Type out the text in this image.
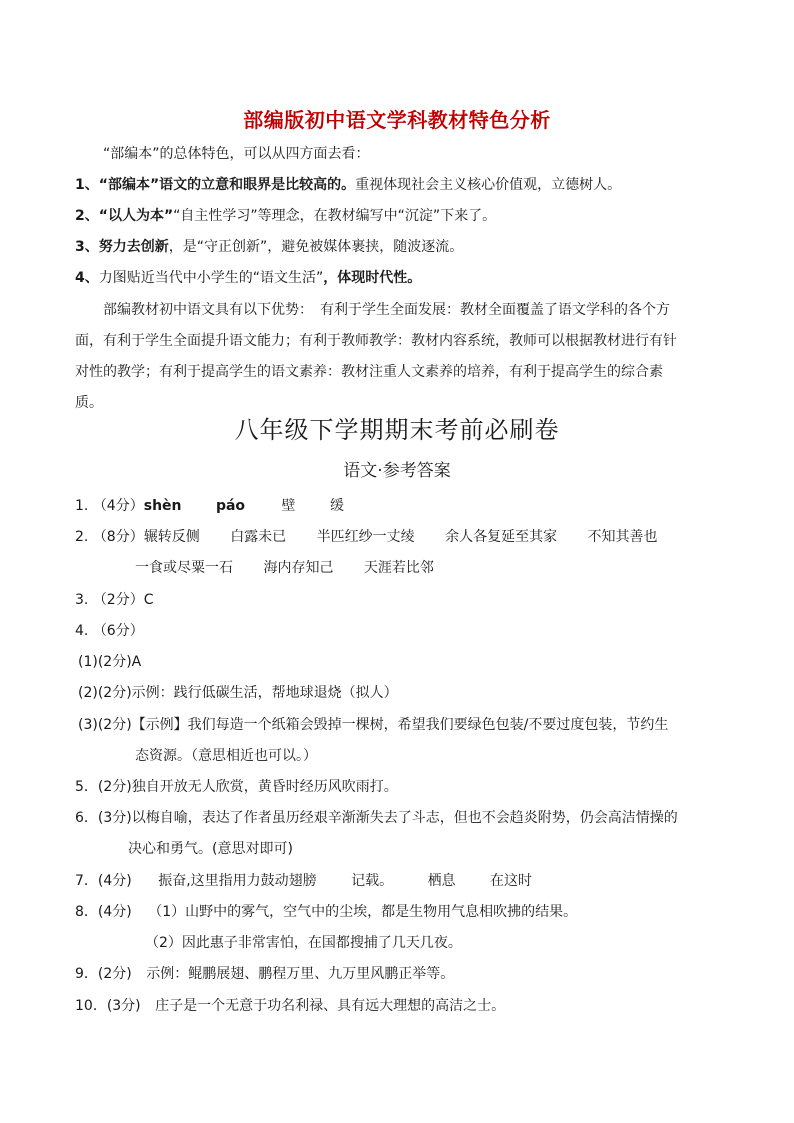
部编版初中语文学科教材特色分析
“部编本”的总体特色，可以从四方面去看：
1、“部编本”语文的立意和眼界是比较高的。重视体现社会主义核心价值观，立德树人。
2、“以人为本”“自主性学习”等理念，在教材编写中“沉淀”下来了。
3、努力去创新，是“守正创新”，避免被媒体裹挟，随波逐流。
4、力图贴近当代中小学生的“语文生活”，体现时代性。
部编教材初中语文具有以下优势：　有利于学生全面发展：教材全面覆盖了语文学科的各个方面，有利于学生全面提升语文能力；有利于教师教学：教材内容系统，教师可以根据教材进行有针对性的教学；有利于提高学生的语文素养：教材注重人文素养的培养，有利于提高学生的综合素质。
八年级下学期期末考前必刷卷
语文·参考答案
1. （4分）shèn páo	壁 缓
2. （8分）辗转反侧 白露未已 半匹红纱一丈绫 余人各复延至其家 不知其善也
一食或尽粟一石 海内存知己 天涯若比邻
3. （2分）C
4. （6分）
(1)(2分)A
(2)(2分)示例：践行低碳生活，帮地球退烧（拟人）
(3)(2分)【示例】我们每造一个纸箱会毁掉一棵树，希望我们要绿色包装/不要过度包装，节约生
态资源。（意思相近也可以。）
5．(2分)独自开放无人欣赏，黄昏时经历风吹雨打。
6．(3分)以梅自喻，表达了作者虽历经艰辛渐渐失去了斗志，但也不会趋炎附势，仍会高洁情操的
决心和勇气。(意思对即可)
7．(4分) 振奋,这里指用力鼓动翅膀 记载。 栖息 在这时
8．(4分) （1）山野中的雾气，空气中的尘埃，都是生物用气息相吹拂的结果。
（2）因此惠子非常害怕，在国都搜捕了几天几夜。
9．(2分) 示例：鲲鹏展翅、鹏程万里、九万里风鹏正举等。
10．(3分) 庄子是一个无意于功名利禄、具有远大理想的高洁之士。
